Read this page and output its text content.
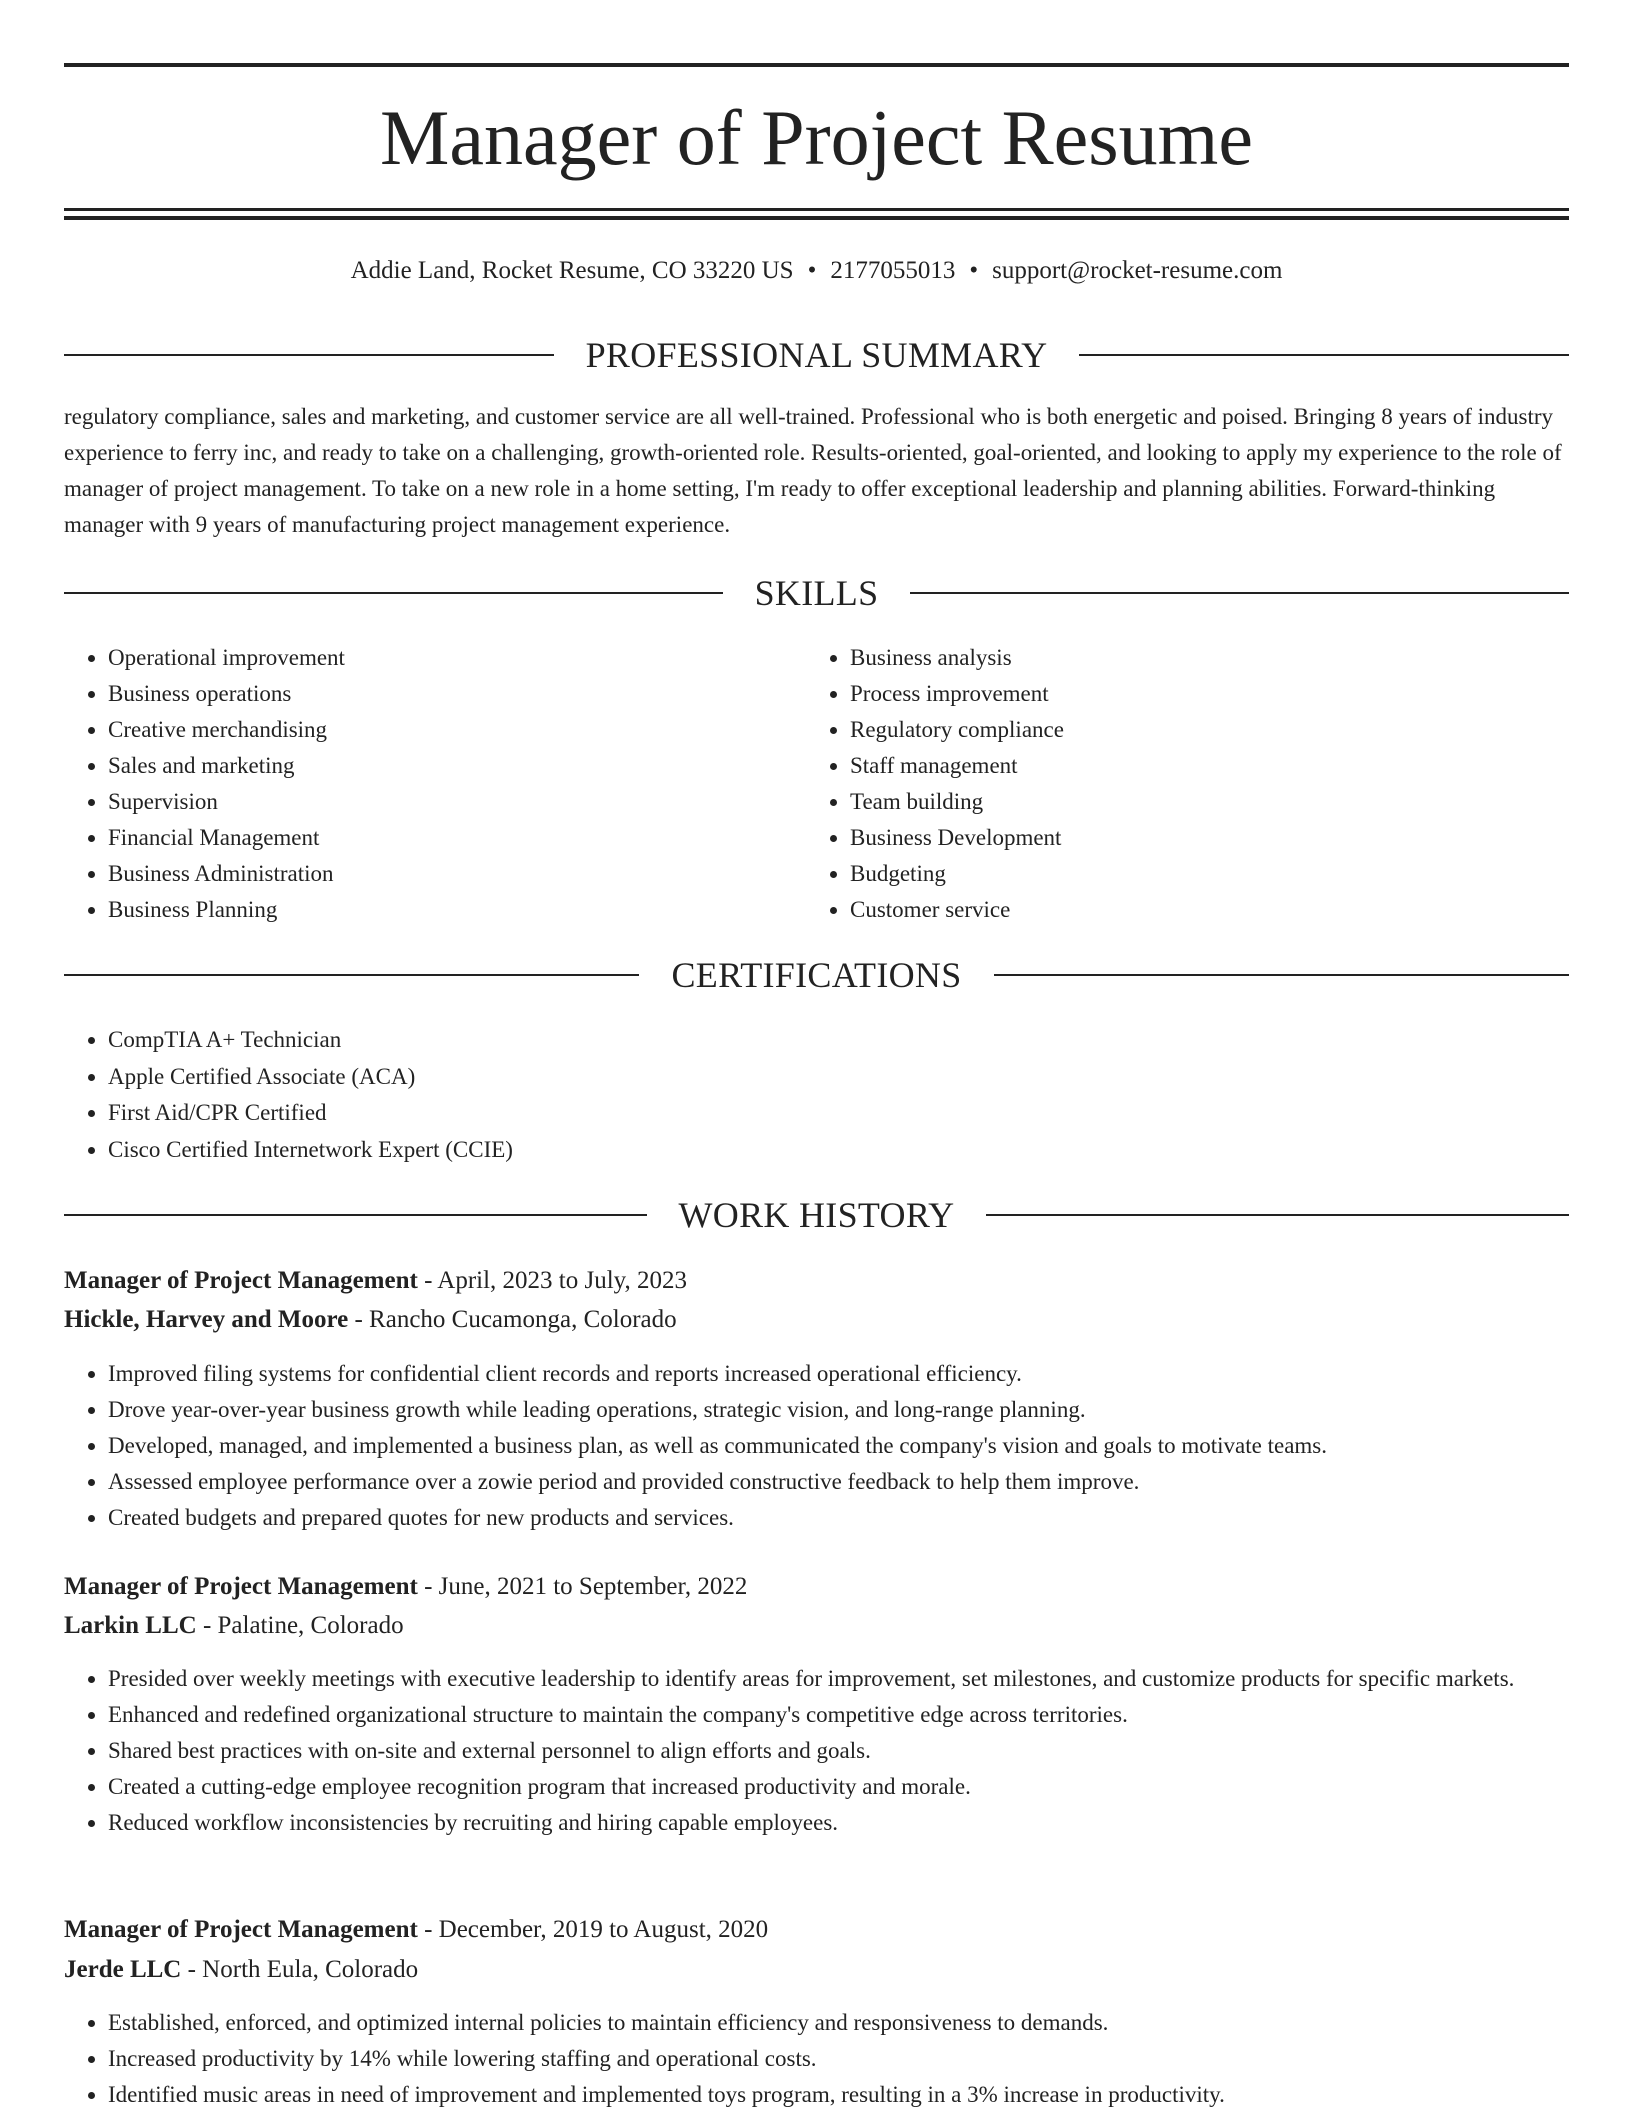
Manager of Project Resume
Addie Land, Rocket Resume, CO 33220 US • 2177055013 • support@rocket-resume.com
PROFESSIONAL SUMMARY

regulatory compliance, sales and marketing, and customer service are all well-trained. Professional who is both energetic and poised. Bringing 8 years of industry experience to ferry inc, and ready to take on a challenging, growth-oriented role. Results-oriented, goal-oriented, and looking to apply my experience to the role of manager of project management. To take on a new role in a home setting, I'm ready to offer exceptional leadership and planning abilities. Forward-thinking manager with 9 years of manufacturing project management experience.

SKILLS
• Operational improvement
• Business operations
• Creative merchandising
• Sales and marketing
• Supervision
• Financial Management
• Business Administration
• Business Planning
• Business analysis
• Process improvement
• Regulatory compliance
• Staff management
• Team building
• Business Development
• Budgeting
• Customer service
CERTIFICATIONS
• CompTIA A+ Technician
• Apple Certified Associate (ACA)
• First Aid/CPR Certified
• Cisco Certified Internetwork Expert (CCIE)
WORK HISTORY

Manager of Project Management - April, 2023 to July, 2023

Hickle, Harvey and Moore - Rancho Cucamonga, Colorado

• Improved filing systems for confidential client records and reports increased operational efficiency.
• Drove year-over-year business growth while leading operations, strategic vision, and long-range planning.
• Developed, managed, and implemented a business plan, as well as communicated the company's vision and goals to motivate teams.
• Assessed employee performance over a zowie period and provided constructive feedback to help them improve.
• Created budgets and prepared quotes for new products and services.

Manager of Project Management - June, 2021 to September, 2022

Larkin LLC - Palatine, Colorado

• Presided over weekly meetings with executive leadership to identify areas for improvement, set milestones, and customize products for specific markets.
• Enhanced and redefined organizational structure to maintain the company's competitive edge across territories.
• Shared best practices with on-site and external personnel to align efforts and goals.
• Created a cutting-edge employee recognition program that increased productivity and morale.
• Reduced workflow inconsistencies by recruiting and hiring capable employees.

Manager of Project Management - December, 2019 to August, 2020

Jerde LLC - North Eula, Colorado

• Established, enforced, and optimized internal policies to maintain efficiency and responsiveness to demands.
• Increased productivity by 14% while lowering staffing and operational costs.
• Identified music areas in need of improvement and implemented toys program, resulting in a 3% increase in productivity.
